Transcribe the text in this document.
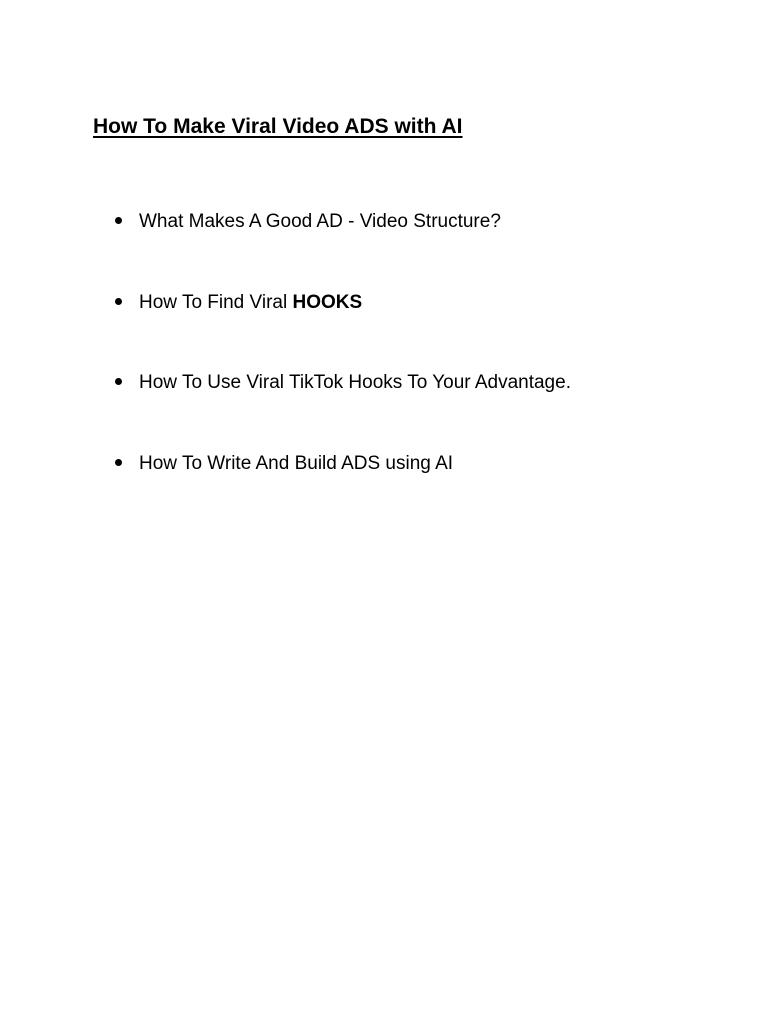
How To Make Viral Video ADS with AI
What Makes A Good AD - Video Structure?
How To Find Viral HOOKS
How To Use Viral TikTok Hooks To Your Advantage.
How To Write And Build ADS using AI
